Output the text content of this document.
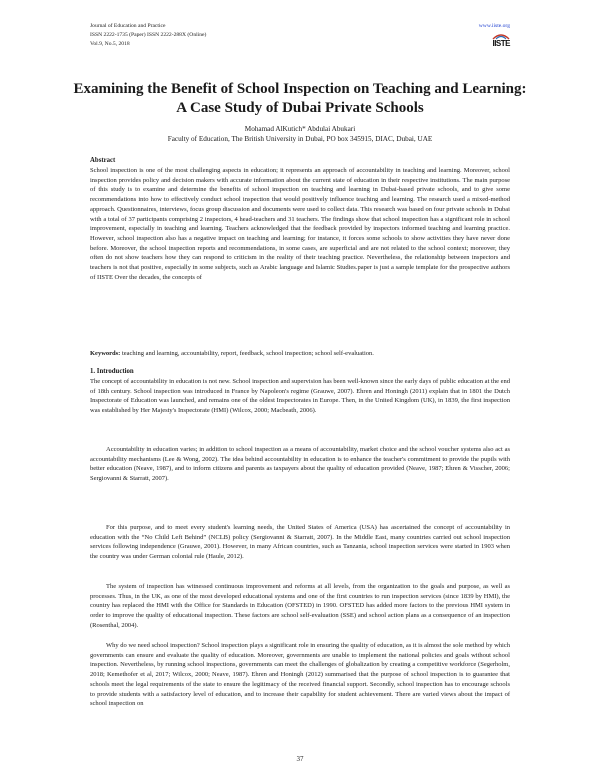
Journal of Education and Practice
ISSN 2222-1735 (Paper) ISSN 2222-288X (Online)
Vol.9, No.5, 2018
www.iiste.org
IISTE
Examining the Benefit of School Inspection on Teaching and Learning: A Case Study of Dubai Private Schools
Mohamad AlKutich* Abdulai Abukari
Faculty of Education, The British University in Dubai, PO box 345915, DIAC, Dubai, UAE
Abstract
School inspection is one of the most challenging aspects in education; it represents an approach of accountability in teaching and learning. Moreover, school inspection provides policy and decision makers with accurate information about the current state of education in their respective institutions. The main purpose of this study is to examine and determine the benefits of school inspection on teaching and learning in Dubai-based private schools, and to give some recommendations into how to effectively conduct school inspection that would positively influence teaching and learning. The research used a mixed-method approach. Questionnaires, interviews, focus group discussion and documents were used to collect data. This research was based on four private schools in Dubai with a total of 37 participants comprising 2 inspectors, 4 head-teachers and 31 teachers. The findings show that school inspection has a significant role in school improvement, especially in teaching and learning. Teachers acknowledged that the feedback provided by inspectors informed teaching and learning practice. However, school inspection also has a negative impact on teaching and learning; for instance, it forces some schools to show activities they have never done before. Moreover, the school inspection reports and recommendations, in some cases, are superficial and are not related to the school context; moreover, they often do not show teachers how they can respond to criticism in the reality of their teaching practice. Nevertheless, the relationship between inspectors and teachers is not that positive, especially in some subjects, such as Arabic language and Islamic Studies.paper is just a sample template for the prospective authors of IISTE Over the decades, the concepts of
Keywords: teaching and learning, accountability, report, feedback, school inspection; school self-evaluation.
1. Introduction
The concept of accountability in education is not new. School inspection and supervision has been well-known since the early days of public education at the end of 18th century. School inspection was introduced in France by Napoleon's regime (Grauwe, 2007). Ehren and Honingh (2011) explain that in 1801 the Dutch Inspectorate of Education was launched, and remains one of the oldest Inspectorates in Europe. Then, in the United Kingdom (UK), in 1839, the first inspection was established by Her Majesty's Inspectorate (HMI) (Wilcox, 2000; Macbeath, 2006).
Accountability in education varies; in addition to school inspection as a means of accountability, market choice and the school voucher systems also act as accountability mechanisms (Lee & Wong, 2002). The idea behind accountability in education is to enhance the teacher's commitment to provide the pupils with better education (Neave, 1987), and to inform citizens and parents as taxpayers about the quality of education provided (Neave, 1987; Ehren & Visscher, 2006; Sergiovanni & Starratt, 2007).
For this purpose, and to meet every student's learning needs, the United States of America (USA) has ascertained the concept of accountability in education with the “No Child Left Behind” (NCLB) policy (Sergiovanni & Starratt, 2007). In the Middle East, many countries carried out school inspection services following independence (Grauwe, 2001). However, in many African countries, such as Tanzania, school inspection services were started in 1903 when the country was under German colonial rule (Haule, 2012).
The system of inspection has witnessed continuous improvement and reforms at all levels, from the organization to the goals and purpose, as well as processes. Thus, in the UK, as one of the most developed educational systems and one of the first countries to run inspection services (since 1839 by HMI), the country has replaced the HMI with the Office for Standards in Education (OFSTED) in 1990. OFSTED has added more factors to the previous HMI system in order to improve the quality of educational inspection. These factors are school self-evaluation (SSE) and school action plans as a consequence of an inspection (Rosenthal, 2004).
Why do we need school inspection? School inspection plays a significant role in ensuring the quality of education, as it is almost the sole method by which governments can ensure and evaluate the quality of education. Moreover, governments are unable to implement the national policies and goals without school inspection. Nevertheless, by running school inspections, governments can meet the challenges of globalization by creating a competitive workforce (Segerholm, 2018; Kemethofer et al, 2017; Wilcox, 2000; Neave, 1987). Ehren and Honingh (2012) summarised that the purpose of school inspection is to guarantee that schools meet the legal requirements of the state to ensure the legitimacy of the received financial support. Secondly, school inspection has to encourage schools to provide students with a satisfactory level of education, and to increase their capability for student achievement. There are varied views about the impact of school inspection on
37
